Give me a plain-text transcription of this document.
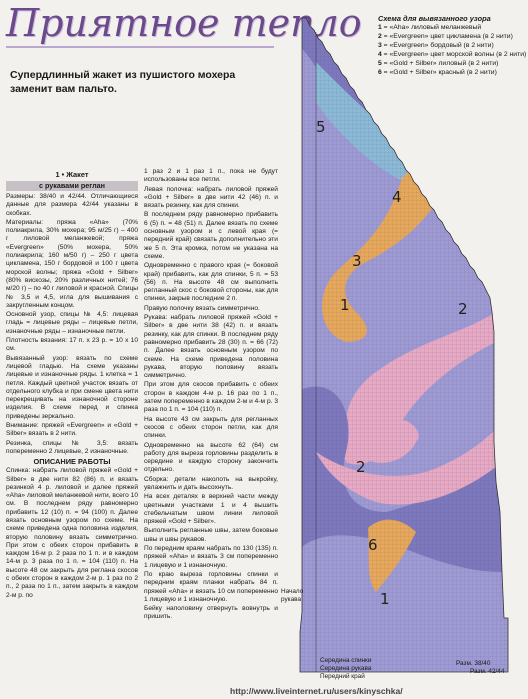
Приятное тепло
Супердлинный жакет из пушистого мохера заменит вам пальто.
1 • Жакет
с рукавами реглан
Размеры: 38/40 и 42/44. Отличающиеся данные для размера 42/44 указаны в скобках.
Материалы: пряжа «Aha» (70% полиакрила, 30% мохера; 95 м/25 г) – 400 г лиловой меланжевой; пряжа «Evergreen» (50% мохера, 50% полиакрила; 160 м/50 г) – 250 г цвета цикламена, 150 г бордовой и 100 г цвета морской волны; пряжа «Gold + Silber» (80% вискозы, 20% различных нитей; 76 м/20 г) – по 40 г лиловой и красной. Спицы № 3,5 и 4,5, игла для вышивания с закругленным концом.
Основной узор, спицы № 4,5: лицевая гладь = лицевые ряды – лицевые петли, изнаночные ряды – изнаночные петли.
Плотность вязания: 17 п. х 23 р. = 10 х 10 см.
Вывязанный узор: вязать по схеме лицевой гладью. На схеме указаны лицевые и изнаночные ряды. 1 клетка = 1 петля. Каждый цветной участок вязать от отдельного клубка и при смене цвета нити перекрещивать на изнаночной стороне изделия. В схеме перед и спинка приведены зеркально.
Внимание: пряжей «Evergreen» и «Gold + Silber» вязать в 2 нити.
Резинка, спицы № 3,5: вязать попеременно 2 лицевые, 2 изнаночные.
ОПИСАНИЕ РАБОТЫ
Спинка: набрать лиловой пряжей «Gold + Silber» в две нити 82 (86) п. и вязать резинкой 4 р. лиловой и далее пряжей «Aha» лиловой меланжевой нити, всего 10 см. В последнем ряду равномерно прибавить 12 (10) п. = 94 (100) п. Далее вязать основным узором по схеме. На схеме приведена одна половина изделия, вторую половину вязать симметрично. При этом с обеих сторон прибавить в каждом 16-м р. 2 раза по 1 п. и в каждом 14-м р. 3 раза по 1 п. = 104 (110) п. На высоте 48 см закрыть для реглана скосов с обеих сторон в каждом 2-м р. 1 раз по 2 п., 2 раза по 1 п., затем закрыть в каждом 2-м р. по
1 раз 2 и 1 раз 1 п., пока не будут использованы все петли.
Левая полочка: набрать лиловой пряжей «Gold + Silber» в две нити 42 (46) п. и вязать резинку, как для спинки.
В последнем ряду равномерно прибавить 6 (5) п. = 48 (51) п. Далее вязать по схеме основным узором и с левой края (= передний край) связать дополнительно эти же 5 п. Эта кромка, потом не указана на схеме.
Одновременно с правого края (= боковой край) прибавить, как для спинки, 5 п. = 53 (56) п. На высоте 48 см выполнить регланный скос с боковой стороны, как для спинки, закрыв последние 2 п.
Правую полочку вязать симметрично.
Рукава: набрать лиловой пряжей «Gold + Silber» в две нити 38 (42) п. и вязать резинку, как для спинки. В последнем ряду равномерно прибавить 28 (30) п. = 66 (72) п. Далее вязать основным узором по схеме. На схеме приведена половина рукава, вторую половину вязать симметрично.
При этом для скосов прибавить с обеих сторон в каждом 4-м р. 16 раз по 1 п., затем попеременно в каждом 2-м и 4-м р. 3 раза по 1 п. = 104 (110) п.
На высоте 43 см закрыть для регланных скосов с обеих сторон петли, как для спинки.
Одновременно на высоте 62 (64) см работу для выреза горловины разделить в середине и каждую сторону закончить отдельно.
Сборка: детали наколоть на выкройку, увлажнить и дать высохнуть.
На всех деталях в верхней части между цветными участками 1 и 4 вышить стебельчатым швом линии лиловой пряжей «Gold + Silber».
Выполнить регланные швы, затем боковые швы и швы рукавов.
По передним краям набрать по 130 (135) п. пряжей «Aha» и вязать 3 см попеременно 1 лицевую и 1 изнаночную.
По краю выреза горловины спинки и передним краям планки набрать 84 п. пряжей «Aha» и вязать 10 см попеременно 1 лицевую и 1 изнаночную.
Бейку наполовину отвернуть вовнутрь и пришить.
5
4
3
2
2
6
1
1
Схема для вывязанного узора
1 = «Aha» лиловый меланжевый
2 = «Evergreen» цвет цикламена (в 2 нити)
3 = «Evergreen» бордовый (в 2 нити)
4 = «Evergreen» цвет морской волны (в 2 нити)
5 = «Gold + Silber» лиловый (в 2 нити)
6 = «Gold + Silber» красный (в 2 нити)
Начало рукава
Середина спинки
Середина рукава
Передний край
Разм. 38/40
Разм. 42/44
http://www.liveinternet.ru/users/kinyschka/
